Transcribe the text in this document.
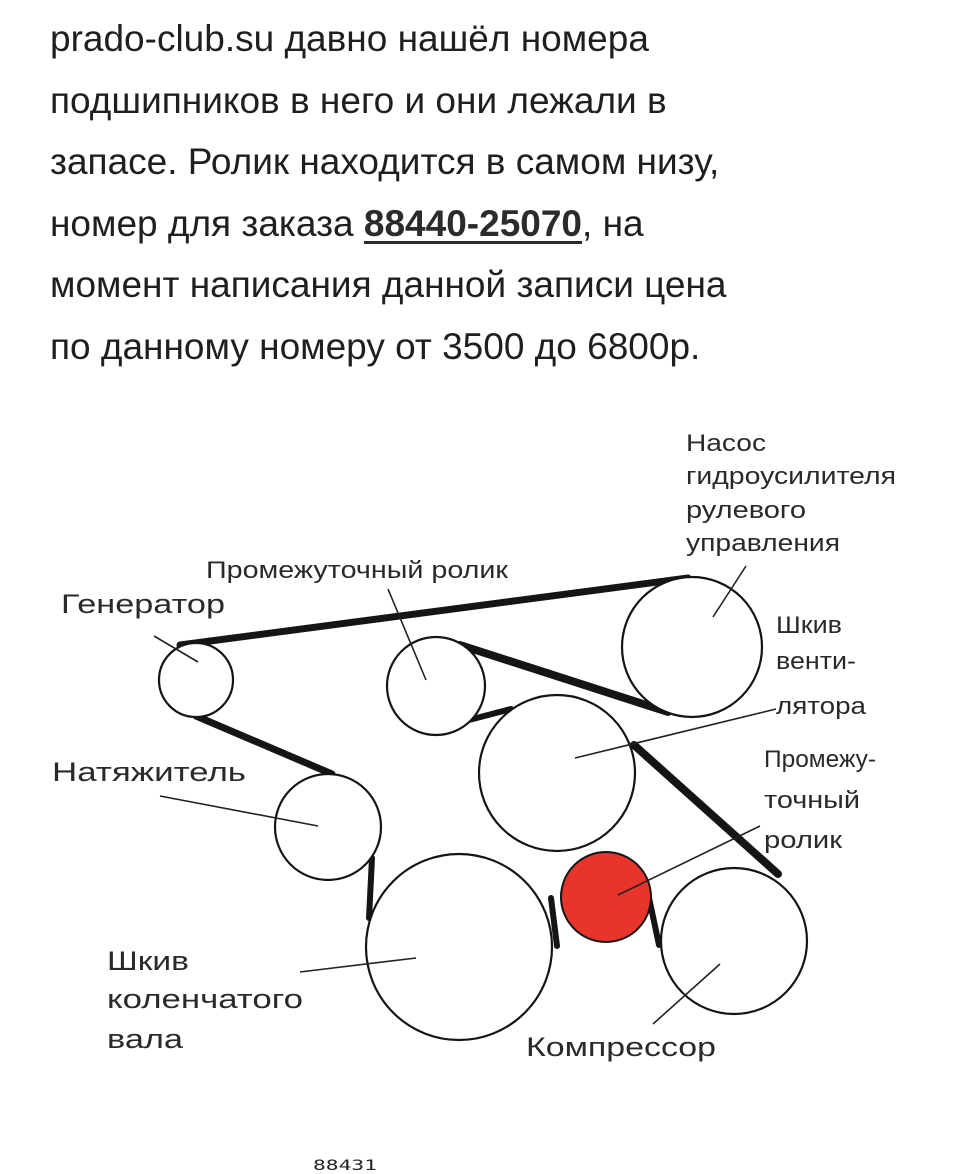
prado-club.su давно нашёл номера
подшипников в него и они лежали в
запасе. Ролик находится в самом низу,
номер для заказа 88440-25070, на
момент написания данной записи цена
по данному номеру от 3500 до 6800р.

Насос
гидроусилителя
рулевого
управления
Промежуточный ролик
Генератор
Шкив
венти-
лятора
Натяжитель	Промежу-
точный
ролик
Шкив
коленчатого
вала	Компрессор
88431
